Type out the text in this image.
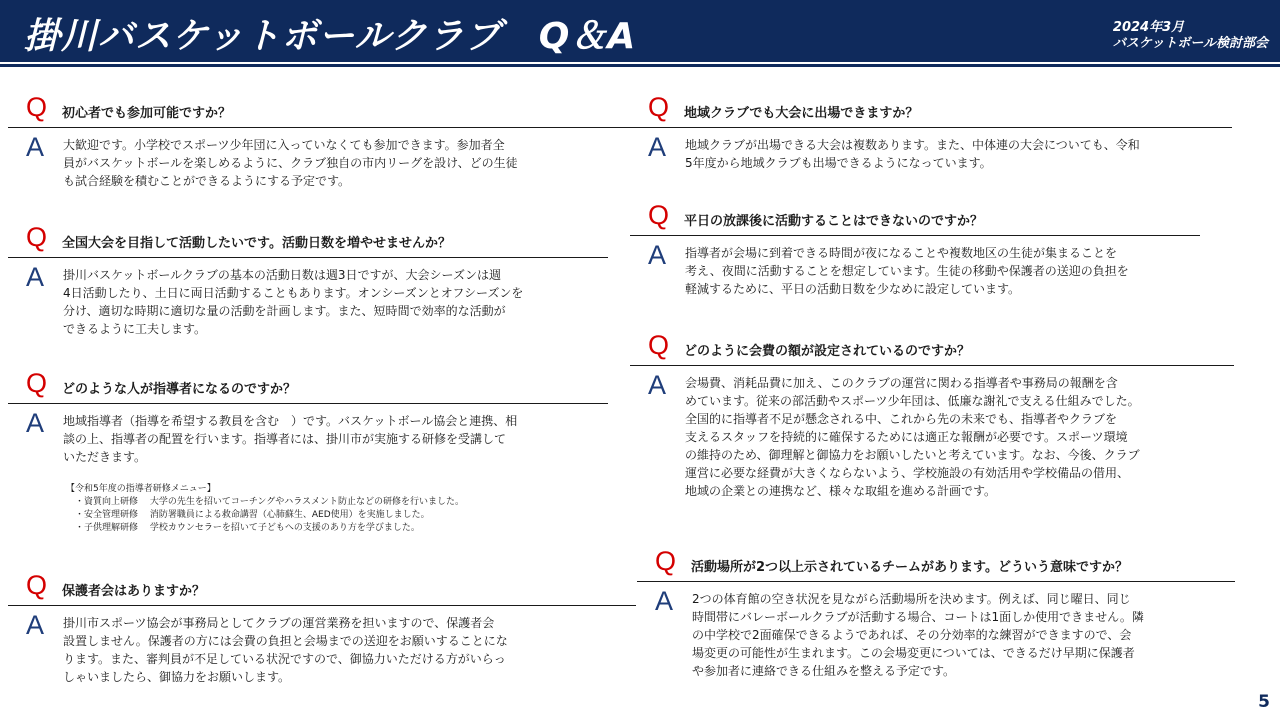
掛川バスケットボールクラブ　Q＆A	2024年3月
バスケットボール検討部会
Q 初心者でも参加可能ですか？
A 大歓迎です。小学校でスポーツ少年団に入っていなくても参加できます。参加者全
員がバスケットボールを楽しめるように、クラブ独自の市内リーグを設け、どの生徒
も試合経験を積むことができるようにする予定です。
Q 全国大会を目指して活動したいです。活動日数を増やせませんか？
A 掛川バスケットボールクラブの基本の活動日数は週3日ですが、大会シーズンは週
4日活動したり、土日に両日活動することもあります。オンシーズンとオフシーズンを
分け、適切な時期に適切な量の活動を計画します。また、短時間で効率的な活動が
できるように工夫します。
Q どのような人が指導者になるのですか？
A 地域指導者（指導を希望する教員を含む　）です。バスケットボール協会と連携、相
談の上、指導者の配置を行います。指導者には、掛川市が実施する研修を受講して
いただきます。
【令和5年度の指導者研修メニュー】
　・資質向上研修　 大学の先生を招いてコーチングやハラスメント防止などの研修を行いました。
　・安全管理研修　 消防署職員による救命講習（心肺蘇生、AED使用）を実施しました。
　・子供理解研修　 学校カウンセラーを招いて子どもへの支援のあり方を学びました。
Q 保護者会はありますか？
A 掛川市スポーツ協会が事務局としてクラブの運営業務を担いますので、保護者会
設置しません。保護者の方には会費の負担と会場までの送迎をお願いすることにな
ります。また、審判員が不足している状況ですので、御協力いただける方がいらっ
しゃいましたら、御協力をお願いします。
Q 地域クラブでも大会に出場できますか？
A 地域クラブが出場できる大会は複数あります。また、中体連の大会についても、令和
5年度から地域クラブも出場できるようになっています。
Q 平日の放課後に活動することはできないのですか？
A 指導者が会場に到着できる時間が夜になることや複数地区の生徒が集まることを
考え、夜間に活動することを想定しています。生徒の移動や保護者の送迎の負担を
軽減するために、平日の活動日数を少なめに設定しています。
Q どのように会費の額が設定されているのですか？
A 会場費、消耗品費に加え、このクラブの運営に関わる指導者や事務局の報酬を含
めています。従来の部活動やスポーツ少年団は、低廉な謝礼で支える仕組みでした。
全国的に指導者不足が懸念される中、これから先の未来でも、指導者やクラブを
支えるスタッフを持続的に確保するためには適正な報酬が必要です。スポーツ環境
の維持のため、御理解と御協力をお願いしたいと考えています。なお、今後、クラブ
運営に必要な経費が大きくならないよう、学校施設の有効活用や学校備品の借用、
地域の企業との連携など、様々な取組を進める計画です。
Q 活動場所が2つ以上示されているチームがあります。どういう意味ですか？
A 2つの体育館の空き状況を見ながら活動場所を決めます。例えば、同じ曜日、同じ
時間帯にバレーボールクラブが活動する場合、コートは1面しか使用できません。隣
の中学校で2面確保できるようであれば、その分効率的な練習ができますので、会
場変更の可能性が生まれます。この会場変更については、できるだけ早期に保護者
や参加者に連絡できる仕組みを整える予定です。
5
